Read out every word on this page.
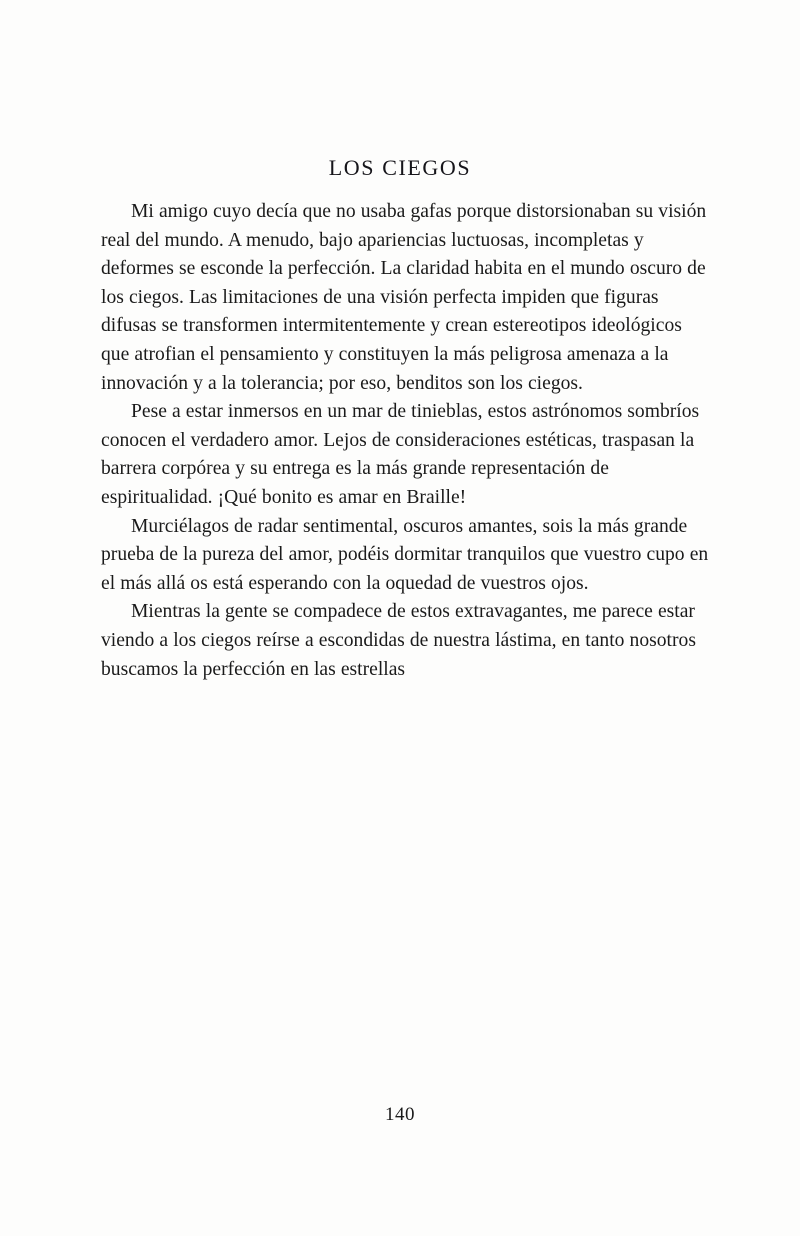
LOS CIEGOS

Mi amigo cuyo decía que no usaba gafas porque distorsionaban su visión real del mundo. A menudo, bajo apariencias luctuosas, incompletas y deformes se esconde la perfección. La claridad habita en el mundo oscuro de los ciegos. Las limitaciones de una visión perfecta impiden que figuras difusas se transformen intermitentemente y crean estereotipos ideológicos que atrofian el pensamiento y constituyen la más peligrosa amenaza a la innovación y a la tolerancia; por eso, benditos son los ciegos.

Pese a estar inmersos en un mar de tinieblas, estos astrónomos sombríos conocen el verdadero amor. Lejos de consideraciones estéticas, traspasan la barrera corpórea y su entrega es la más grande representación de espiritualidad. ¡Qué bonito es amar en Braille!

Murciélagos de radar sentimental, oscuros amantes, sois la más grande prueba de la pureza del amor, podéis dormitar tranquilos que vuestro cupo en el más allá os está esperando con la oquedad de vuestros ojos.

Mientras la gente se compadece de estos extravagantes, me parece estar viendo a los ciegos reírse a escondidas de nuestra lástima, en tanto nosotros buscamos la perfección en las estrellas

140
